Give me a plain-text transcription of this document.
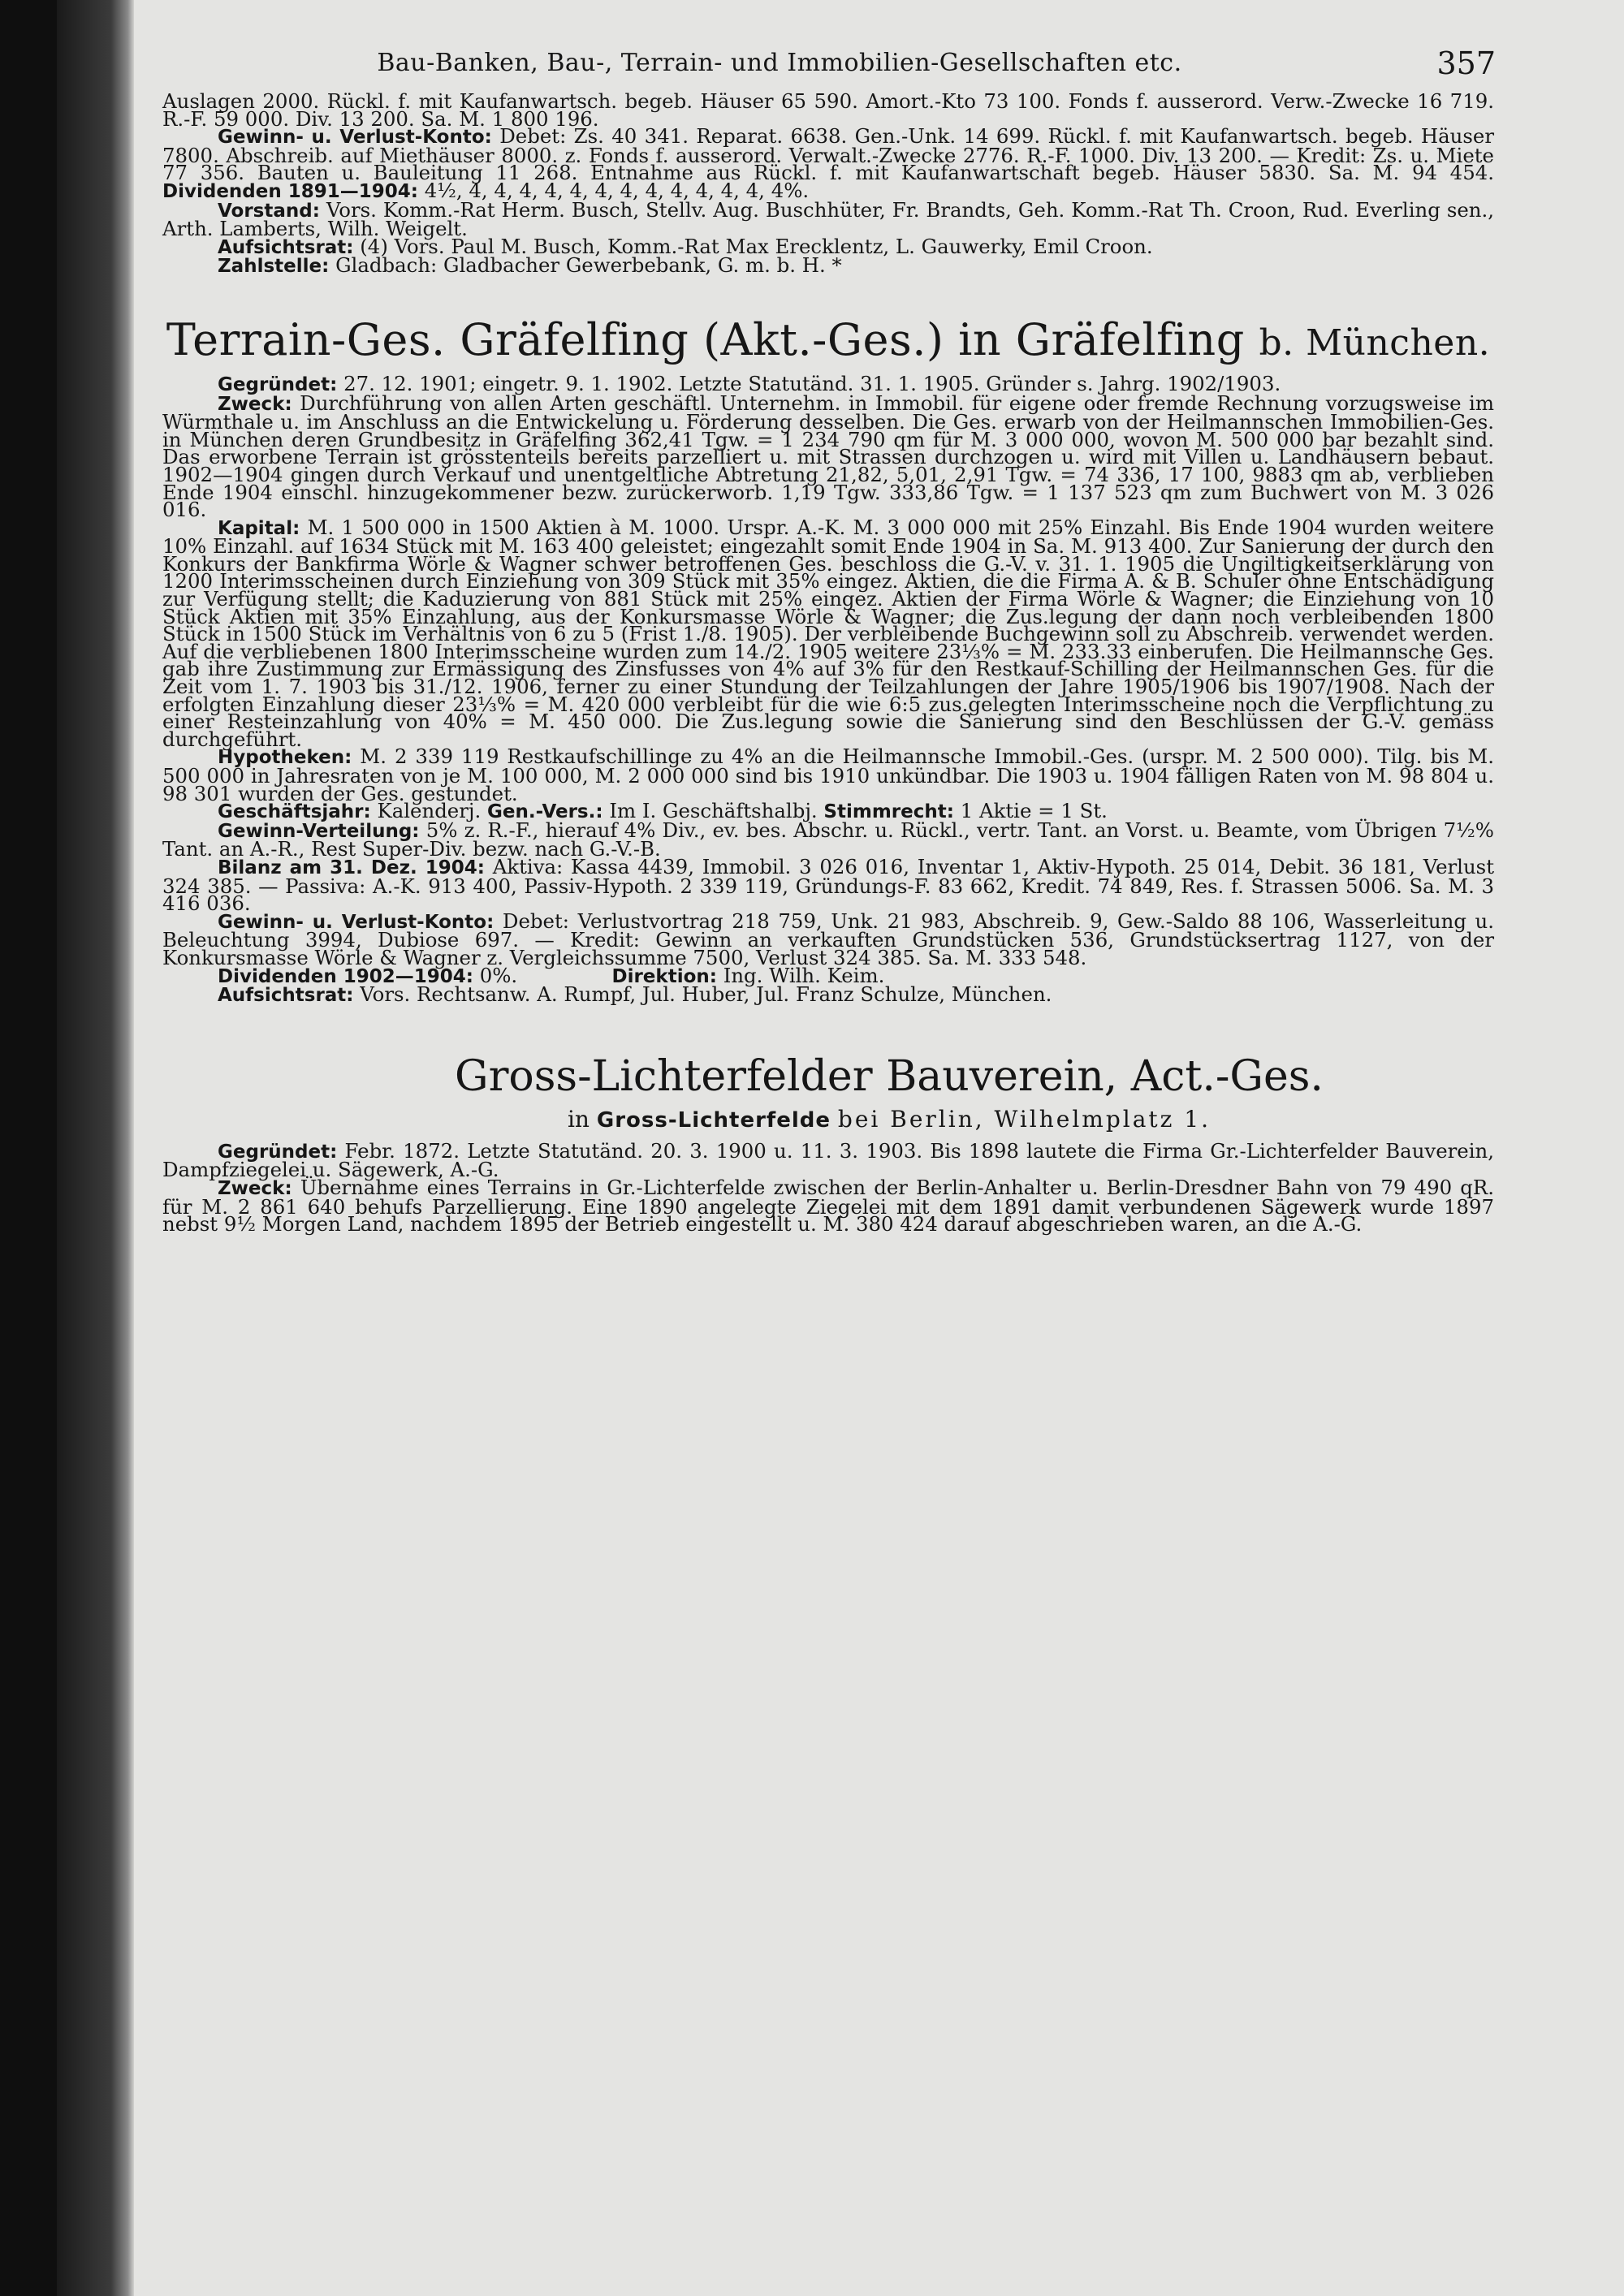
Bau-Banken, Bau-, Terrain- und Immobilien-Gesellschaften etc.	357

Auslagen 2000. Rückl. f. mit Kaufanwartsch. begeb. Häuser 65 590. Amort.-Kto 73 100. Fonds f. ausserord. Verw.-Zwecke 16 719. R.-F. 59 000. Div. 13 200. Sa. M. 1 800 196.

Gewinn- u. Verlust-Konto: Debet: Zs. 40 341. Reparat. 6638. Gen.-Unk. 14 699. Rückl. f. mit Kaufanwartsch. begeb. Häuser 7800. Abschreib. auf Miethäuser 8000. z. Fonds f. ausserord. Verwalt.-Zwecke 2776. R.-F. 1000. Div. 13 200. — Kredit: Zs. u. Miete 77 356. Bauten u. Bauleitung 11 268. Entnahme aus Rückl. f. mit Kaufanwartschaft begeb. Häuser 5830. Sa. M. 94 454. Dividenden 1891—1904: 4½, 4, 4, 4, 4, 4, 4, 4, 4, 4, 4, 4, 4, 4%.

Vorstand: Vors. Komm.-Rat Herm. Busch, Stellv. Aug. Buschhüter, Fr. Brandts, Geh. Komm.-Rat Th. Croon, Rud. Everling sen., Arth. Lamberts, Wilh. Weigelt.

Aufsichtsrat: (4) Vors. Paul M. Busch, Komm.-Rat Max Erecklentz, L. Gauwerky, Emil Croon.

Zahlstelle: Gladbach: Gladbacher Gewerbebank, G. m. b. H. *

Terrain-Ges. Gräfelfing (Akt.-Ges.) in Gräfelfing b. München.

Gegründet: 27. 12. 1901; eingetr. 9. 1. 1902. Letzte Statutänd. 31. 1. 1905. Gründer s. Jahrg. 1902/1903.

Zweck: Durchführung von allen Arten geschäftl. Unternehm. in Immobil. für eigene oder fremde Rechnung vorzugsweise im Würmthale u. im Anschluss an die Entwickelung u. Förderung desselben. Die Ges. erwarb von der Heilmannschen Immobilien-Ges. in München deren Grundbesitz in Gräfelfing 362,41 Tgw. = 1 234 790 qm für M. 3 000 000, wovon M. 500 000 bar bezahlt sind. Das erworbene Terrain ist grösstenteils bereits parzelliert u. mit Strassen durchzogen u. wird mit Villen u. Landhäusern bebaut. 1902—1904 gingen durch Verkauf und unentgeltliche Abtretung 21,82, 5,01, 2,91 Tgw. = 74 336, 17 100, 9883 qm ab, verblieben Ende 1904 einschl. hinzugekommener bezw. zurückerworb. 1,19 Tgw. 333,86 Tgw. = 1 137 523 qm zum Buchwert von M. 3 026 016.

Kapital: M. 1 500 000 in 1500 Aktien à M. 1000. Urspr. A.-K. M. 3 000 000 mit 25% Einzahl. Bis Ende 1904 wurden weitere 10% Einzahl. auf 1634 Stück mit M. 163 400 geleistet; eingezahlt somit Ende 1904 in Sa. M. 913 400. Zur Sanierung der durch den Konkurs der Bankfirma Wörle & Wagner schwer betroffenen Ges. beschloss die G.-V. v. 31. 1. 1905 die Ungiltigkeitserklärung von 1200 Interimsscheinen durch Einziehung von 309 Stück mit 35% eingez. Aktien, die die Firma A. & B. Schuler ohne Entschädigung zur Verfügung stellt; die Kaduzierung von 881 Stück mit 25% eingez. Aktien der Firma Wörle & Wagner; die Einziehung von 10 Stück Aktien mit 35% Einzahlung, aus der Konkursmasse Wörle & Wagner; die Zus.legung der dann noch verbleibenden 1800 Stück in 1500 Stück im Verhältnis von 6 zu 5 (Frist 1./8. 1905). Der verbleibende Buchgewinn soll zu Abschreib. verwendet werden. Auf die verbliebenen 1800 Interimsscheine wurden zum 14./2. 1905 weitere 23⅓% = M. 233.33 einberufen. Die Heilmannsche Ges. gab ihre Zustimmung zur Ermässigung des Zinsfusses von 4% auf 3% für den Restkauf-Schilling der Heilmannschen Ges. für die Zeit vom 1. 7. 1903 bis 31./12. 1906, ferner zu einer Stundung der Teilzahlungen der Jahre 1905/1906 bis 1907/1908. Nach der erfolgten Einzahlung dieser 23⅓% = M. 420 000 verbleibt für die wie 6:5 zus.gelegten Interimsscheine noch die Verpflichtung zu einer Resteinzahlung von 40% = M. 450 000. Die Zus.legung sowie die Sanierung sind den Beschlüssen der G.-V. gemäss durchgeführt.

Hypotheken: M. 2 339 119 Restkaufschillinge zu 4% an die Heilmannsche Immobil.-Ges. (urspr. M. 2 500 000). Tilg. bis M. 500 000 in Jahresraten von je M. 100 000, M. 2 000 000 sind bis 1910 unkündbar. Die 1903 u. 1904 fälligen Raten von M. 98 804 u. 98 301 wurden der Ges. gestundet.

Geschäftsjahr: Kalenderj. Gen.-Vers.: Im I. Geschäftshalbj. Stimmrecht: 1 Aktie = 1 St.

Gewinn-Verteilung: 5% z. R.-F., hierauf 4% Div., ev. bes. Abschr. u. Rückl., vertr. Tant. an Vorst. u. Beamte, vom Übrigen 7½% Tant. an A.-R., Rest Super-Div. bezw. nach G.-V.-B.

Bilanz am 31. Dez. 1904: Aktiva: Kassa 4439, Immobil. 3 026 016, Inventar 1, Aktiv-Hypoth. 25 014, Debit. 36 181, Verlust 324 385. — Passiva: A.-K. 913 400, Passiv-Hypoth. 2 339 119, Gründungs-F. 83 662, Kredit. 74 849, Res. f. Strassen 5006. Sa. M. 3 416 036.

Gewinn- u. Verlust-Konto: Debet: Verlustvortrag 218 759, Unk. 21 983, Abschreib. 9, Gew.-Saldo 88 106, Wasserleitung u. Beleuchtung 3994, Dubiose 697. — Kredit: Gewinn an verkauften Grundstücken 536, Grundstücksertrag 1127, von der Konkursmasse Wörle & Wagner z. Vergleichssumme 7500, Verlust 324 385. Sa. M. 333 548.

Dividenden 1902—1904: 0%.	Direktion: Ing. Wilh. Keim.

Aufsichtsrat: Vors. Rechtsanw. A. Rumpf, Jul. Huber, Jul. Franz Schulze, München.

Gross-Lichterfelder Bauverein, Act.-Ges.

in Gross-Lichterfelde bei Berlin, Wilhelmplatz 1.

Gegründet: Febr. 1872. Letzte Statutänd. 20. 3. 1900 u. 11. 3. 1903. Bis 1898 lautete die Firma Gr.-Lichterfelder Bauverein, Dampfziegelei u. Sägewerk, A.-G.

Zweck: Übernahme eines Terrains in Gr.-Lichterfelde zwischen der Berlin-Anhalter u. Berlin-Dresdner Bahn von 79 490 qR. für M. 2 861 640 behufs Parzellierung. Eine 1890 angelegte Ziegelei mit dem 1891 damit verbundenen Sägewerk wurde 1897 nebst 9½ Morgen Land, nachdem 1895 der Betrieb eingestellt u. M. 380 424 darauf abgeschrieben waren, an die A.-G.
